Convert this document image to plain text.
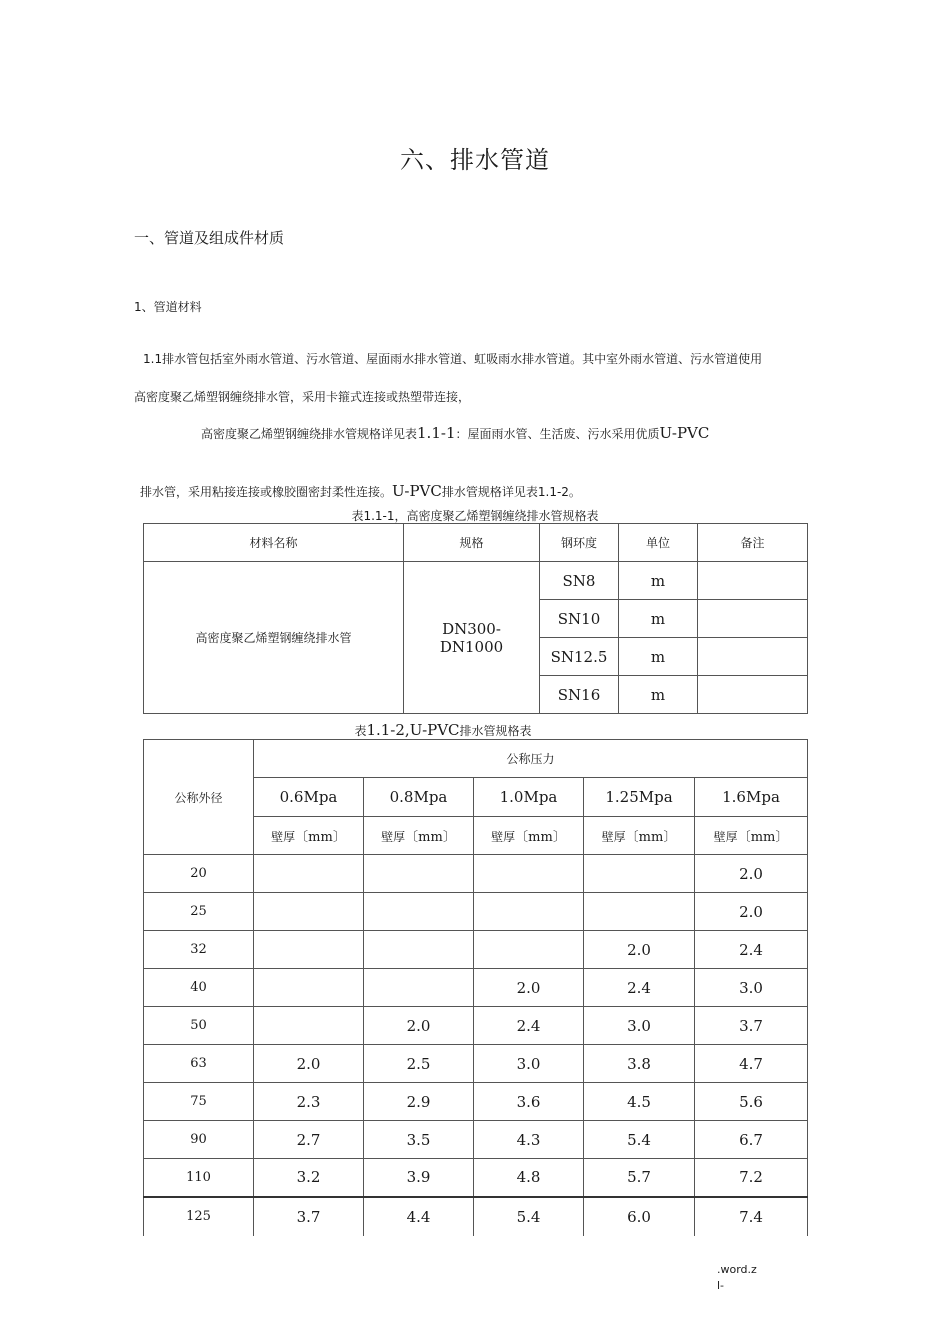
六、排水管道
一、管道及组成件材质
1、管道材料
1.1排水管包括室外雨水管道、污水管道、屋面雨水排水管道、虹吸雨水排水管道。其中室外雨水管道、污水管道使用
高密度聚乙烯塑钢缠绕排水管，采用卡箍式连接或热塑带连接，
高密度聚乙烯塑钢缠绕排水管规格详见表1.1-1：屋面雨水管、生活废、污水采用优质U-PVC
排水管，采用粘接连接或橡胶圈密封柔性连接。U-PVC排水管规格详见表1.1-2。
表1.1-1，高密度聚乙烯塑钢缠绕排水管规格表
材料名称	规格	钢环度	单位	备注
高密度聚乙烯塑钢缠绕排水管	DN300-
DN1000	SN8	m	
		SN10	m	
		SN12.5	m	
		SN16	m	
表1.1-2,U-PVC排水管规格表
公称外径	公称压力				
	0.6Mpa	0.8Mpa	1.0Mpa	1.25Mpa	1.6Mpa
	壁厚〔mm〕	壁厚〔mm〕	壁厚〔mm〕	壁厚〔mm〕	壁厚〔mm〕
20					2.0
25					2.0
32				2.0	2.4
40			2.0	2.4	3.0
50		2.0	2.4	3.0	3.7
63	2.0	2.5	3.0	3.8	4.7
75	2.3	2.9	3.6	4.5	5.6
90	2.7	3.5	4.3	5.4	6.7
110	3.2	3.9	4.8	5.7	7.2
125	3.7	4.4	5.4	6.0	7.4
.word.z
l-
